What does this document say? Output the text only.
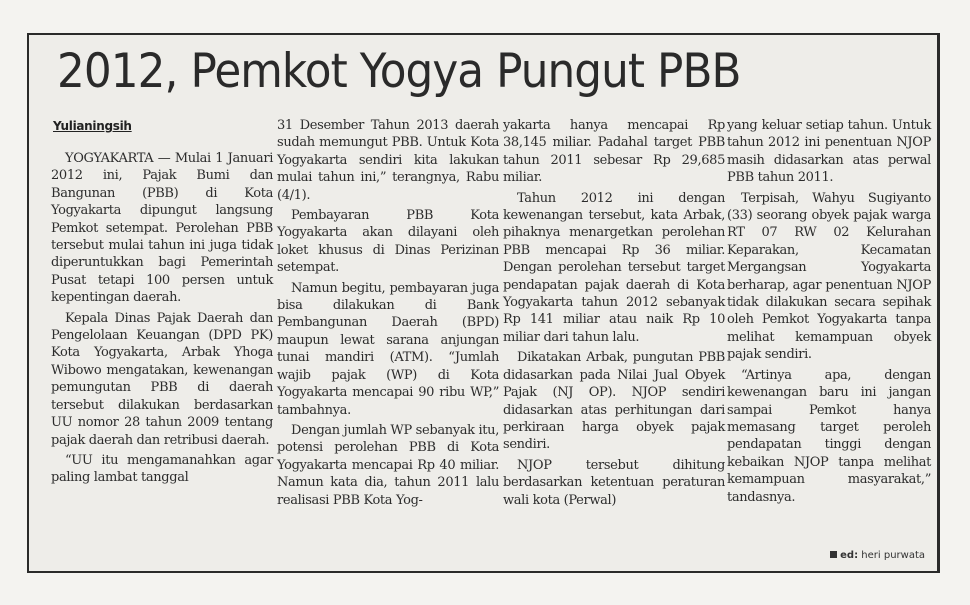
2012, Pemkot Yogya Pungut PBB
Yulianingsih

YOGYAKARTA — Mulai 1 Januari 2012 ini, Pajak Bumi dan Bangunan (PBB) di Kota Yogyakarta dipungut langsung Pemkot setempat. Perolehan PBB tersebut mulai tahun ini juga tidak diperuntukkan bagi Pemerintah Pusat tetapi 100 persen untuk kepentingan daerah.

Kepala Dinas Pajak Daerah dan Pengelolaan Keuangan (DPD PK) Kota Yogyakarta, Arbak Yhoga Wibowo mengatakan, kewenangan pemungutan PBB di daerah tersebut dilakukan berdasarkan UU nomor 28 tahun 2009 tentang pajak daerah dan retribusi daerah.

“UU itu mengamanahkan agar paling lambat tanggal

31 Desember Tahun 2013 daerah sudah memungut PBB. Untuk Kota Yogyakarta sendiri kita lakukan mulai tahun ini,” terangnya, Rabu (4/1).

Pembayaran PBB Kota Yogyakarta akan dilayani oleh loket khusus di Dinas Perizinan setempat.

Namun begitu, pembayaran juga bisa dilakukan di Bank Pembangunan Daerah (BPD) maupun lewat sarana anjungan tunai mandiri (ATM). “Jumlah wajib pajak (WP) di Kota Yogyakarta mencapai 90 ribu WP,” tambahnya.

Dengan jumlah WP sebanyak itu, potensi perolehan PBB di Kota Yogyakarta mencapai Rp 40 miliar. Namun kata dia, tahun 2011 lalu realisasi PBB Kota Yog-

yakarta hanya mencapai Rp 38,145 miliar. Padahal target PBB tahun 2011 sebesar Rp 29,685 miliar.

Tahun 2012 ini dengan kewenangan tersebut, kata Arbak, pihaknya menargetkan perolehan PBB mencapai Rp 36 miliar. Dengan perolehan tersebut target pendapatan pajak daerah di Kota Yogyakarta tahun 2012 sebanyak Rp 141 miliar atau naik Rp 10 miliar dari tahun lalu.

Dikatakan Arbak, pungutan PBB didasarkan pada Nilai Jual Obyek Pajak (NJ OP). NJOP sendiri didasarkan atas perhitungan dari perkiraan harga obyek pajak sendiri.

NJOP tersebut dihitung berdasarkan ketentuan peraturan wali kota (Perwal)

yang keluar setiap tahun. Untuk tahun 2012 ini penentuan NJOP masih didasarkan atas perwal PBB tahun 2011.

Terpisah, Wahyu Sugiyanto (33) seorang obyek pajak warga RT 07 RW 02 Kelurahan Keparakan, Kecamatan Mergangsan Yogyakarta berharap, agar penentuan NJOP tidak dilakukan secara sepihak oleh Pemkot Yogyakarta tanpa melihat kemampuan obyek pajak sendiri.

“Artinya apa, dengan kewenangan baru ini jangan sampai Pemkot hanya memasang target peroleh pendapatan tinggi dengan kebaikan NJOP tanpa melihat kemampuan masyarakat,” tandasnya.

ed: heri purwata
